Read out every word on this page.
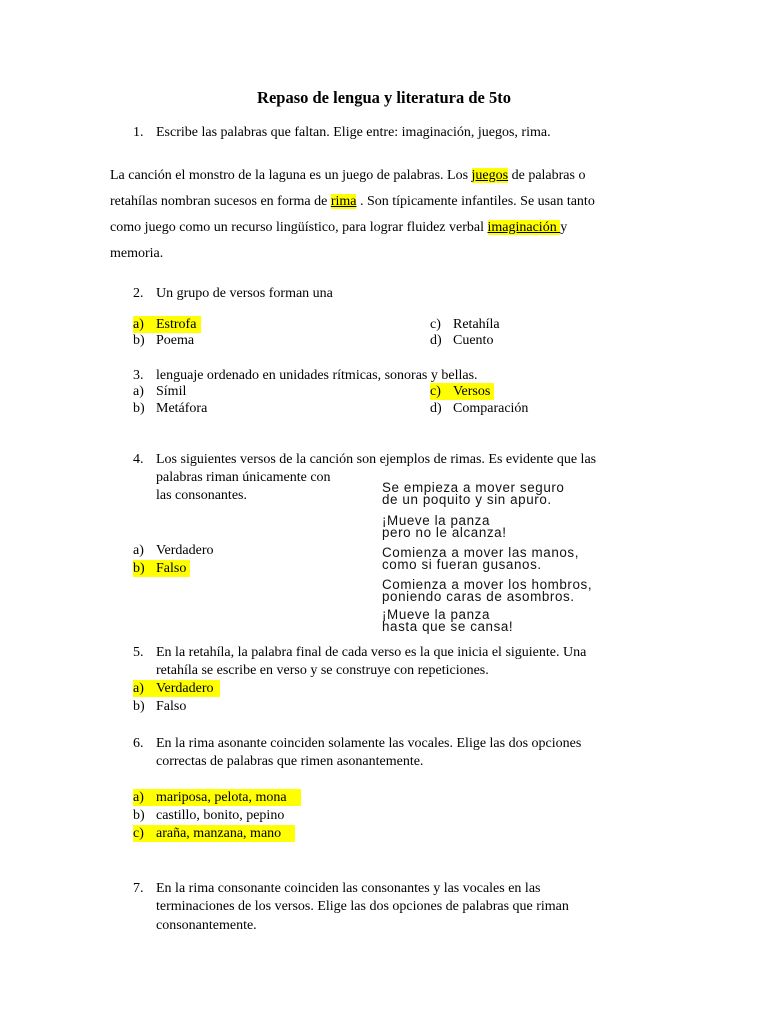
Repaso de lengua y literatura de 5to
1. Escribe las palabras que faltan. Elige entre: imaginación, juegos, rima.
La canción el monstro de la laguna es un juego de palabras. Los juegos de palabras o
retahílas nombran sucesos en forma de rima . Son típicamente infantiles. Se usan tanto
como juego como un recurso lingüístico, para lograr fluidez verbal imaginación y
memoria.
2. Un grupo de versos forman una
a) Estrofa
b) Poema
c) Retahíla
d) Cuento
3. lenguaje ordenado en unidades rítmicas, sonoras y bellas.
a) Símil
b) Metáfora
c) Versos
d) Comparación
4. Los siguientes versos de la canción son ejemplos de rimas. Es evidente que las
palabras riman únicamente con
las consonantes.
Se empieza a mover seguro
de un poquito y sin apuro.
¡Mueve la panza
pero no le alcanza!
Comienza a mover las manos,
como si fueran gusanos.
Comienza a mover los hombros,
poniendo caras de asombros.
¡Mueve la panza
hasta que se cansa!
a) Verdadero
b) Falso
5. En la retahíla, la palabra final de cada verso es la que inicia el siguiente. Una
retahíla se escribe en verso y se construye con repeticiones.
a) Verdadero
b) Falso
6. En la rima asonante coinciden solamente las vocales. Elige las dos opciones
correctas de palabras que rimen asonantemente.
a) mariposa, pelota, mona
b) castillo, bonito, pepino
c) araña, manzana, mano
7. En la rima consonante coinciden las consonantes y las vocales en las
terminaciones de los versos. Elige las dos opciones de palabras que riman
consonantemente.
